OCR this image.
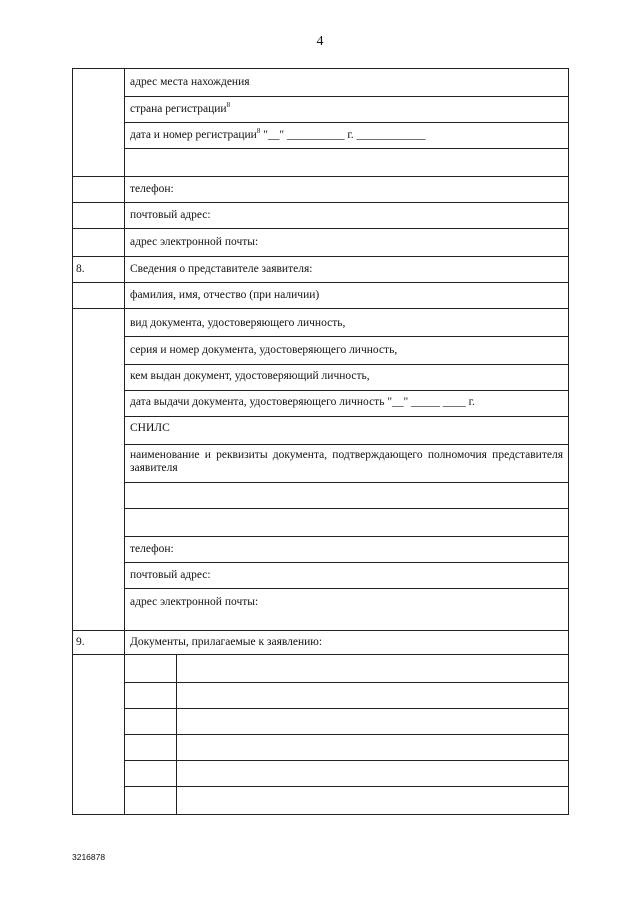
4
адрес места нахождения
страна регистрации$^8$
дата и номер регистрации$^8$ "__" __________ г. ____________
телефон:
почтовый адрес:
адрес электронной почты:
8.	Сведения о представителе заявителя:
фамилия, имя, отчество (при наличии)
вид документа, удостоверяющего личность,
серия и номер документа, удостоверяющего личность,
кем выдан документ, удостоверяющий личность,
дата выдачи документа, удостоверяющего личность "__" _____ ____ г.
СНИЛС
наименование и реквизиты документа, подтверждающего полномочия представителя заявителя
телефон:
почтовый адрес:
адрес электронной почты:
9.	Документы, прилагаемые к заявлению:
3216878
